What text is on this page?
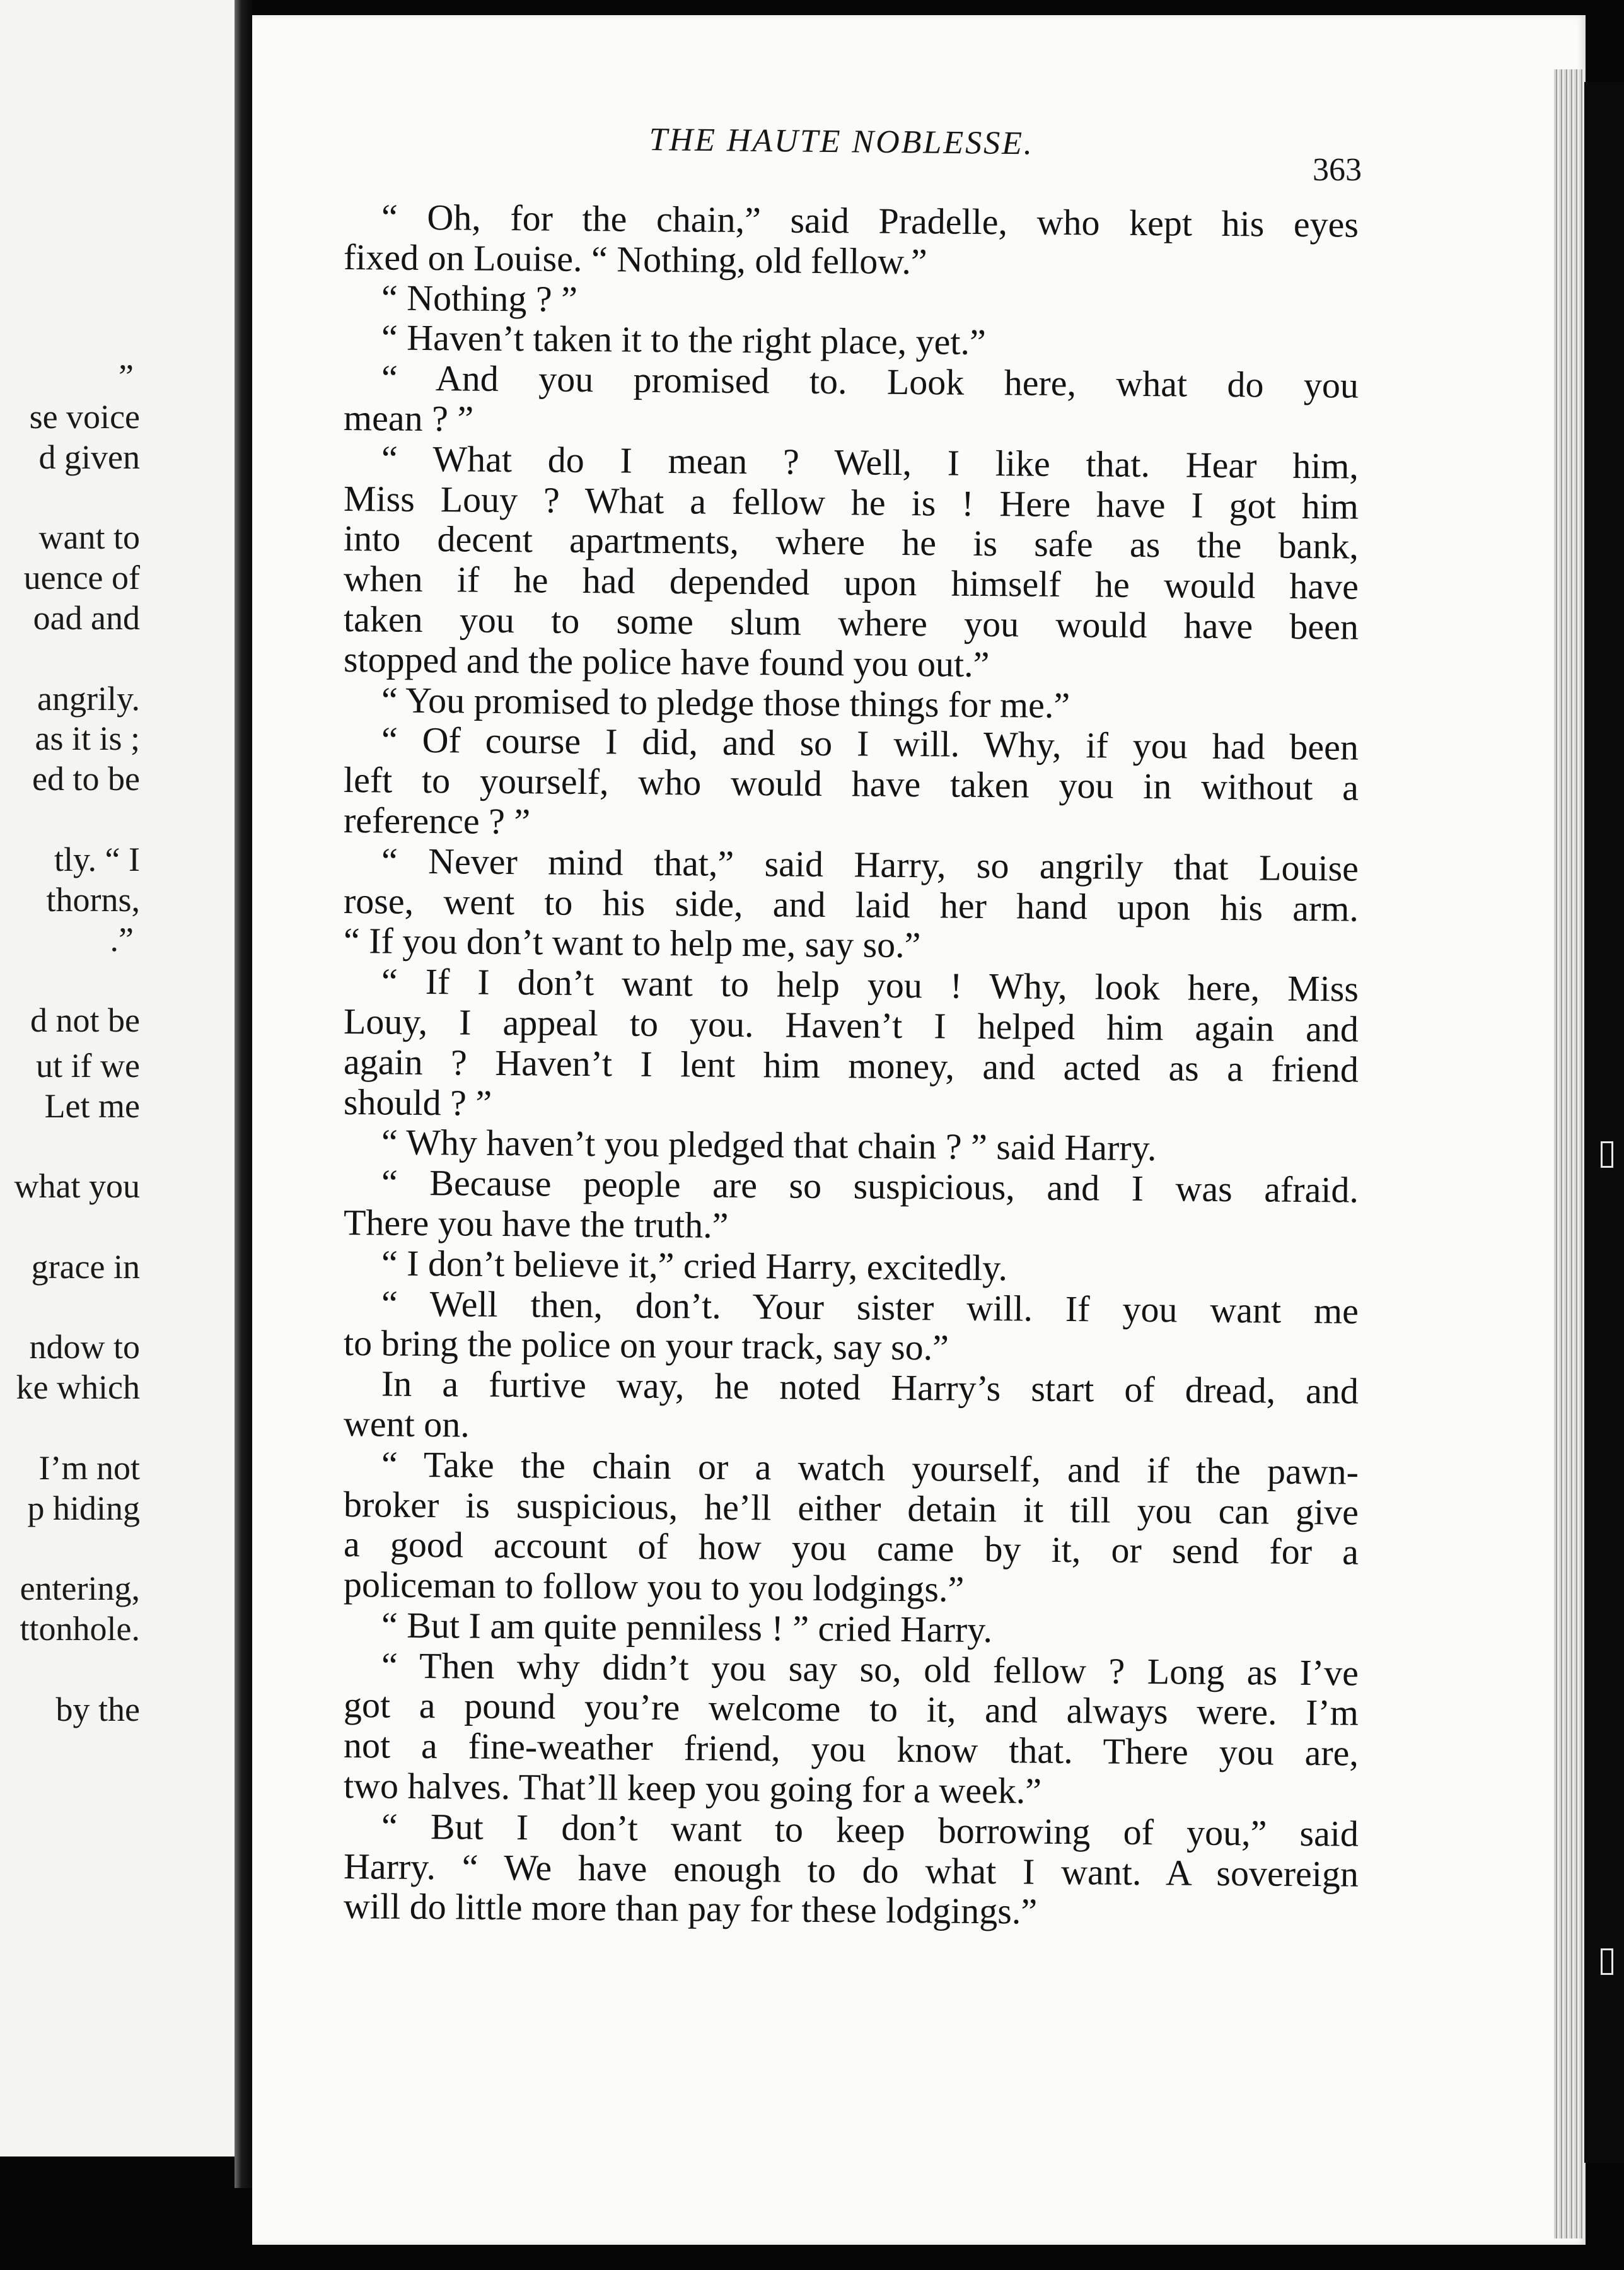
”
se voice
d given
want to
uence of
oad and
angrily.
as it is ;
ed to be
tly. “ I
thorns,
.”
d not be
ut if we
Let me
what you
grace in
ndow to
ke which
I’m not
p hiding
entering,
ttonhole.
by the
THE HAUTE NOBLESSE.
363
“ Oh, for the chain,” said Pradelle, who kept his eyes
fixed on Louise. “ Nothing, old fellow.”
“ Nothing ? ”
“ Haven’t taken it to the right place, yet.”
“ And you promised to. Look here, what do you
mean ? ”
“ What do I mean ? Well, I like that. Hear him,
Miss Louy ? What a fellow he is ! Here have I got him
into decent apartments, where he is safe as the bank,
when if he had depended upon himself he would have
taken you to some slum where you would have been
stopped and the police have found you out.”
“ You promised to pledge those things for me.”
“ Of course I did, and so I will. Why, if you had been
left to yourself, who would have taken you in without a
reference ? ”
“ Never mind that,” said Harry, so angrily that Louise
rose, went to his side, and laid her hand upon his arm.
“ If you don’t want to help me, say so.”
“ If I don’t want to help you ! Why, look here, Miss
Louy, I appeal to you. Haven’t I helped him again and
again ? Haven’t I lent him money, and acted as a friend
should ? ”
“ Why haven’t you pledged that chain ? ” said Harry.
“ Because people are so suspicious, and I was afraid.
There you have the truth.”
“ I don’t believe it,” cried Harry, excitedly.
“ Well then, don’t. Your sister will. If you want me
to bring the police on your track, say so.”
In a furtive way, he noted Harry’s start of dread, and
went on.
“ Take the chain or a watch yourself, and if the pawn-
broker is suspicious, he’ll either detain it till you can give
a good account of how you came by it, or send for a
policeman to follow you to you lodgings.”
“ But I am quite penniless ! ” cried Harry.
“ Then why didn’t you say so, old fellow ? Long as I’ve
got a pound you’re welcome to it, and always were. I’m
not a fine-weather friend, you know that. There you are,
two halves. That’ll keep you going for a week.”
“ But I don’t want to keep borrowing of you,” said
Harry. “ We have enough to do what I want. A sovereign
will do little more than pay for these lodgings.”
